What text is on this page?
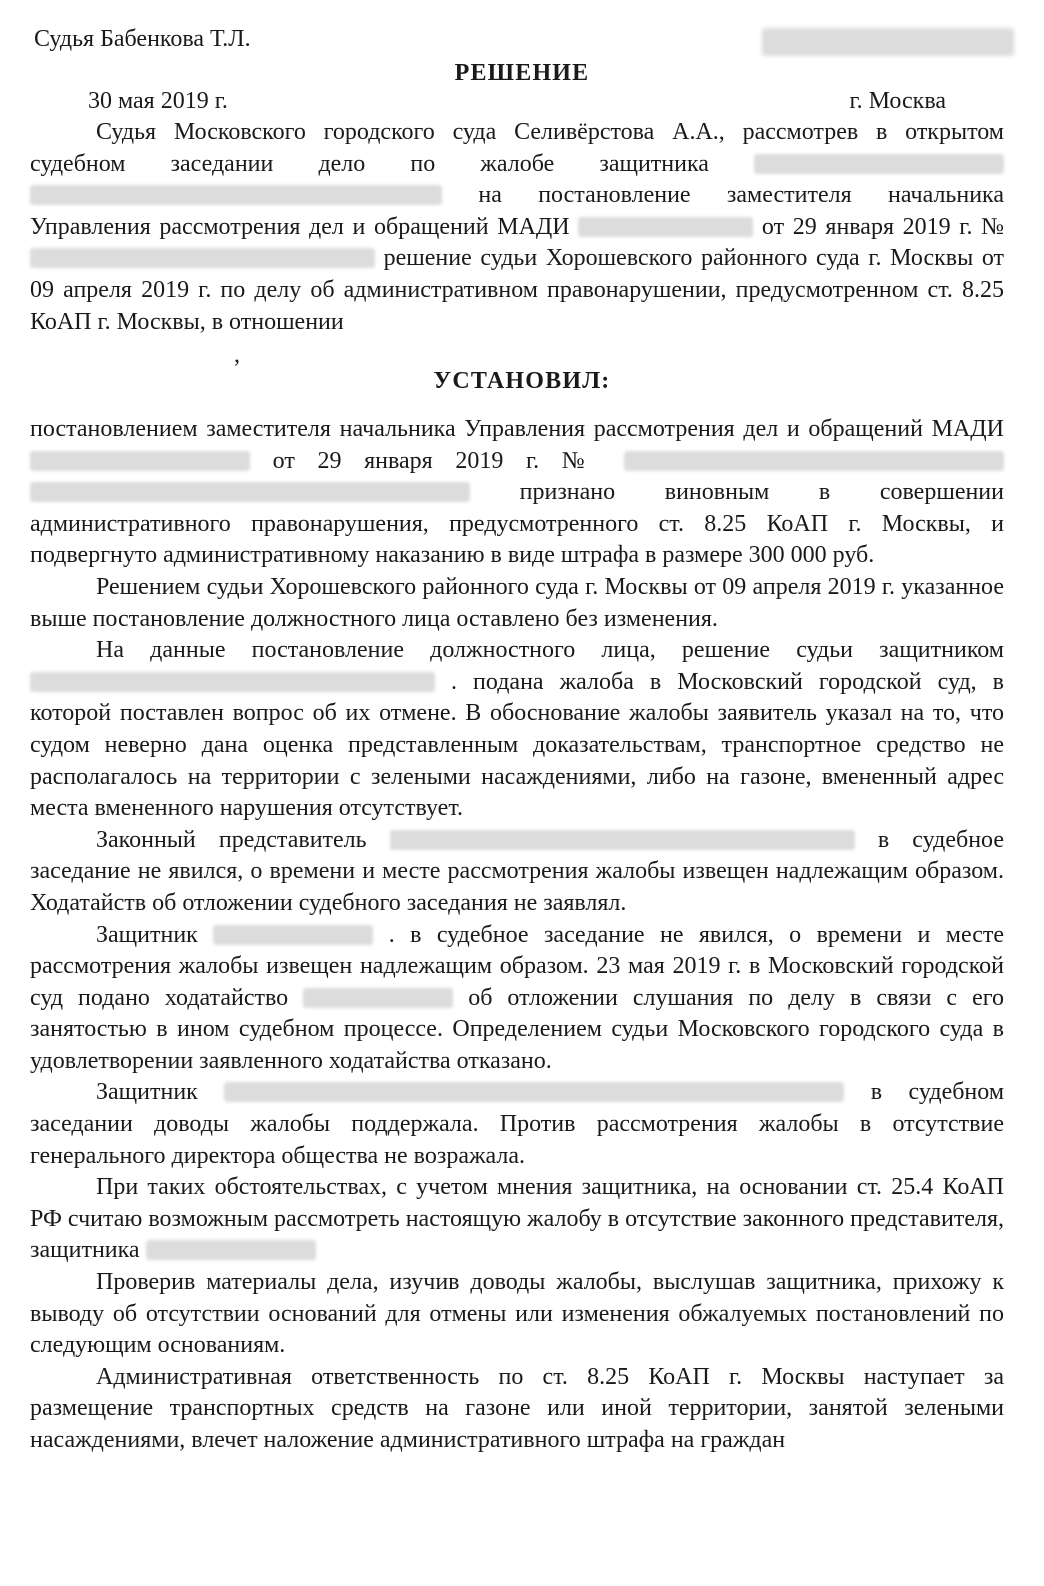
Судья Бабенкова Т.Л.
РЕШЕНИЕ
30 мая 2019 г.	г. Москва

Судья Московского городского суда Селивёрстова А.А., рассмотрев в открытом судебном заседании дело по жалобе защитника   на постановление заместителя начальника Управления рассмотрения дел и обращений МАДИ	от 29 января 2019 г. №  решение судьи Хорошевского районного суда г. Москвы от 09 апреля 2019 г. по делу об административном правонарушении, предусмотренном ст. 8.25 КоАП г. Москвы, в отношении

,
УСТАНОВИЛ:

постановлением заместителя начальника Управления рассмотрения дел и обращений МАДИ  от 29 января 2019 г. №   признано виновным в совершении административного правонарушения, предусмотренного ст. 8.25 КоАП г. Москвы, и подвергнуто административному наказанию в виде штрафа в размере 300 000 руб.

Решением судьи Хорошевского районного суда г. Москвы от 09 апреля 2019 г. указанное выше постановление должностного лица оставлено без изменения.

На данные постановление должностного лица, решение судьи защитником  . подана жалоба в Московский городской суд, в которой поставлен вопрос об их отмене. В обоснование жалобы заявитель указал на то, что судом неверно дана оценка представленным доказательствам, транспортное средство не располагалось на территории с зелеными насаждениями, либо на газоне, вмененный адрес места вмененного нарушения отсутствует.

Законный представитель	в судебное заседание не явился, о времени и месте рассмотрения жалобы извещен надлежащим образом. Ходатайств об отложении судебного заседания не заявлял.

Защитник	. в судебное заседание не явился, о времени и месте рассмотрения жалобы извещен надлежащим образом. 23 мая 2019 г. в Московский городской суд подано ходатайство	об отложении слушания по делу в связи с его занятостью в ином судебном процессе. Определением судьи Московского городского суда в удовлетворении заявленного ходатайства отказано.

Защитник	в судебном заседании доводы жалобы поддержала. Против рассмотрения жалобы в отсутствие генерального директора общества не возражала.

При таких обстоятельствах, с учетом мнения защитника, на основании ст. 25.4 КоАП РФ считаю возможным рассмотреть настоящую жалобу в отсутствие законного представителя, защитника

Проверив материалы дела, изучив доводы жалобы, выслушав защитника, прихожу к выводу об отсутствии оснований для отмены или изменения обжалуемых постановлений по следующим основаниям.

Административная ответственность по ст. 8.25 КоАП г. Москвы наступает за размещение транспортных средств на газоне или иной территории, занятой зелеными насаждениями, влечет наложение административного штрафа на граждан
